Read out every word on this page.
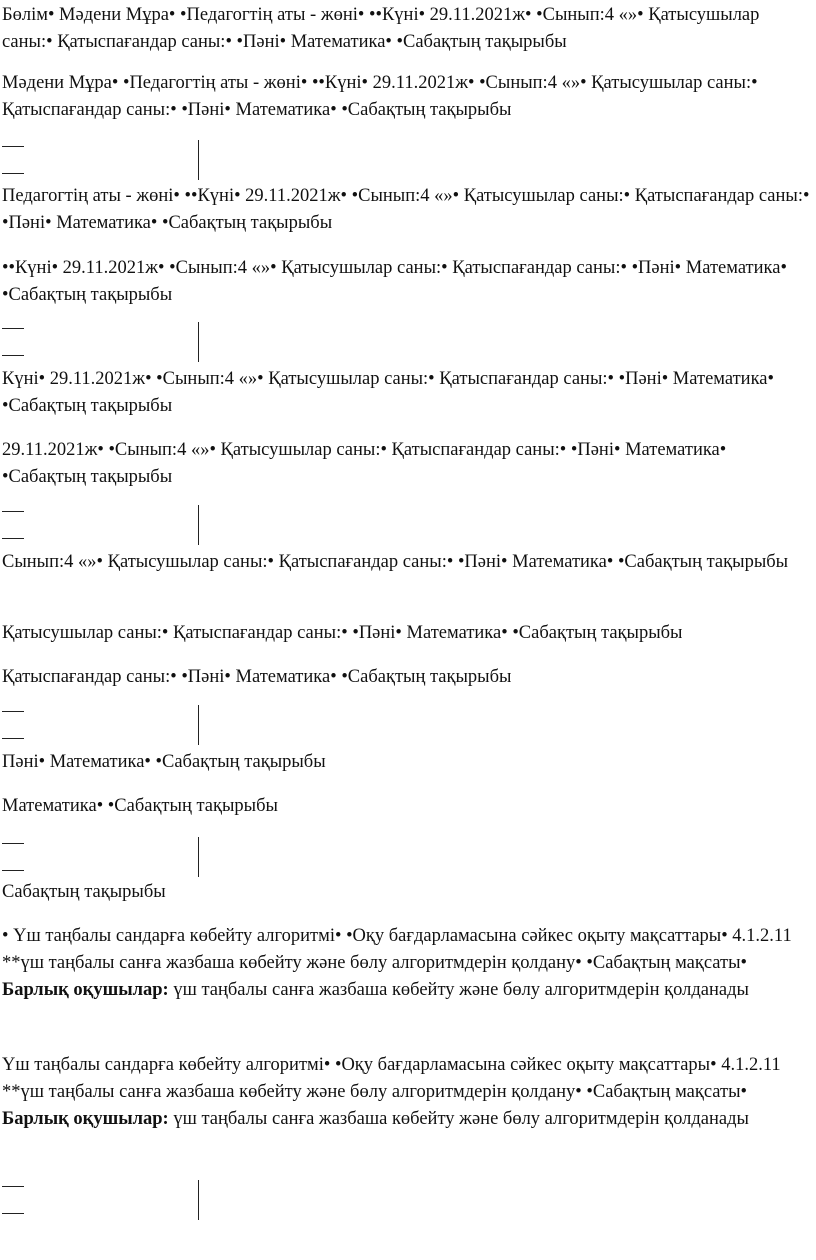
Бөлім• Мәдени Мұра• •Педагогтің аты - жөні• ••Күні• 29.11.2021ж• •Сынып:4 «»• Қатысушылар саны:• Қатыспағандар саны:• •Пәні• Математика• •Сабақтың тақырыбы

Мәдени Мұра• •Педагогтің аты - жөні• ••Күні• 29.11.2021ж• •Сынып:4 «»• Қатысушылар саны:• Қатыспағандар саны:• •Пәні• Математика• •Сабақтың тақырыбы

Педагогтің аты - жөні• ••Күні• 29.11.2021ж• •Сынып:4 «»• Қатысушылар саны:• Қатыспағандар саны:• •Пәні• Математика• •Сабақтың тақырыбы

••Күні• 29.11.2021ж• •Сынып:4 «»• Қатысушылар саны:• Қатыспағандар саны:• •Пәні• Математика• •Сабақтың тақырыбы

Күні• 29.11.2021ж• •Сынып:4 «»• Қатысушылар саны:• Қатыспағандар саны:• •Пәні• Математика• •Сабақтың тақырыбы

29.11.2021ж• •Сынып:4 «»• Қатысушылар саны:• Қатыспағандар саны:• •Пәні• Математика• •Сабақтың тақырыбы

Сынып:4 «»• Қатысушылар саны:• Қатыспағандар саны:• •Пәні• Математика• •Сабақтың тақырыбы

Қатысушылар саны:• Қатыспағандар саны:• •Пәні• Математика• •Сабақтың тақырыбы

Қатыспағандар саны:• •Пәні• Математика• •Сабақтың тақырыбы

Пәні• Математика• •Сабақтың тақырыбы

Математика• •Сабақтың тақырыбы

Сабақтың тақырыбы

• Үш таңбалы сандарға көбейту алгоритмі• •Оқу бағдарламасына сәйкес оқыту мақсаттары• 4.1.2.11 **үш таңбалы санға жазбаша көбейту және бөлу алгоритмдерін қолдану• •Сабақтың мақсаты• Барлық оқушылар: үш таңбалы санға жазбаша көбейту және бөлу алгоритмдерін қолданады

Үш таңбалы сандарға көбейту алгоритмі• •Оқу бағдарламасына сәйкес оқыту мақсаттары• 4.1.2.11 **үш таңбалы санға жазбаша көбейту және бөлу алгоритмдерін қолдану• •Сабақтың мақсаты• Барлық оқушылар: үш таңбалы санға жазбаша көбейту және бөлу алгоритмдерін қолданады
